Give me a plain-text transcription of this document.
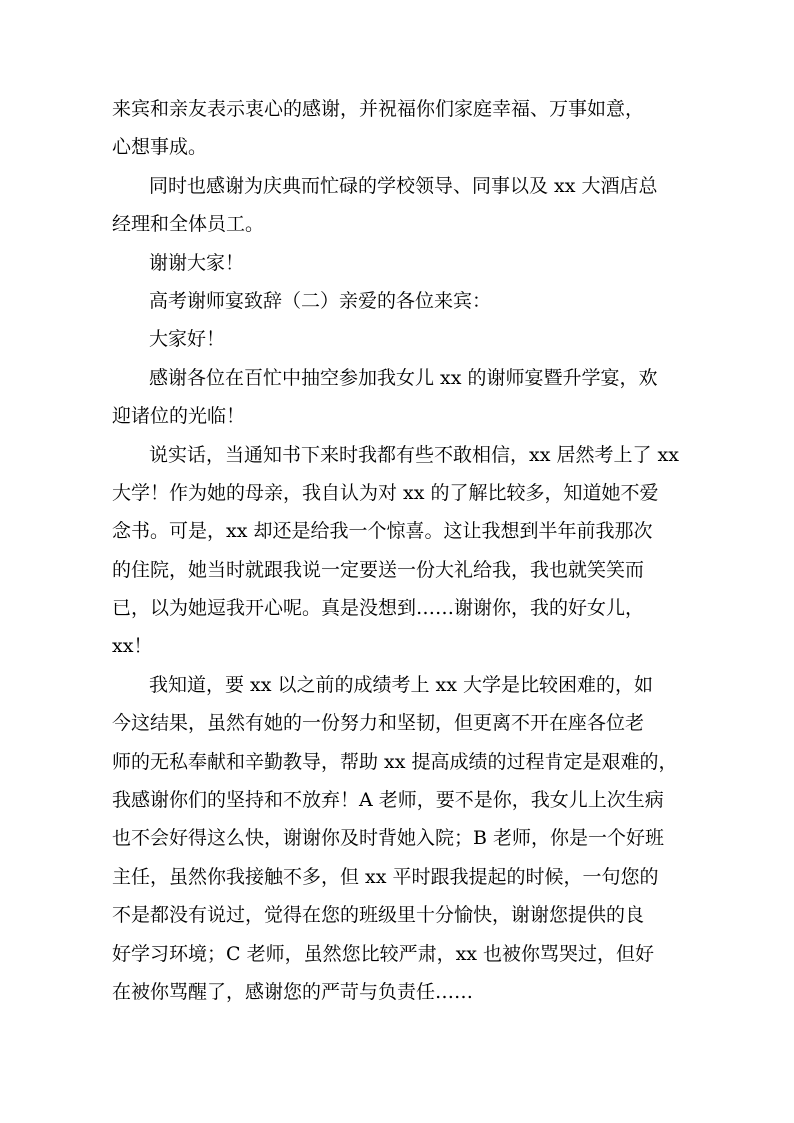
来宾和亲友表示衷心的感谢，并祝福你们家庭幸福、万事如意，
心想事成。
同时也感谢为庆典而忙碌的学校领导、同事以及 xx 大酒店总
经理和全体员工。
谢谢大家！
高考谢师宴致辞（二）亲爱的各位来宾：
大家好！
感谢各位在百忙中抽空参加我女儿 xx 的谢师宴暨升学宴，欢
迎诸位的光临！
说实话，当通知书下来时我都有些不敢相信，xx 居然考上了 xx
大学！作为她的母亲，我自认为对 xx 的了解比较多，知道她不爱
念书。可是，xx 却还是给我一个惊喜。这让我想到半年前我那次
的住院，她当时就跟我说一定要送一份大礼给我，我也就笑笑而
已，以为她逗我开心呢。真是没想到……谢谢你，我的好女儿，
xx！
我知道，要 xx 以之前的成绩考上 xx 大学是比较困难的，如
今这结果，虽然有她的一份努力和坚韧，但更离不开在座各位老
师的无私奉献和辛勤教导，帮助 xx 提高成绩的过程肯定是艰难的，
我感谢你们的坚持和不放弃！A 老师，要不是你，我女儿上次生病
也不会好得这么快，谢谢你及时背她入院；B 老师，你是一个好班
主任，虽然你我接触不多，但 xx 平时跟我提起的时候，一句您的
不是都没有说过，觉得在您的班级里十分愉快，谢谢您提供的良
好学习环境；C 老师，虽然您比较严肃，xx 也被你骂哭过，但好
在被你骂醒了，感谢您的严苛与负责任……
